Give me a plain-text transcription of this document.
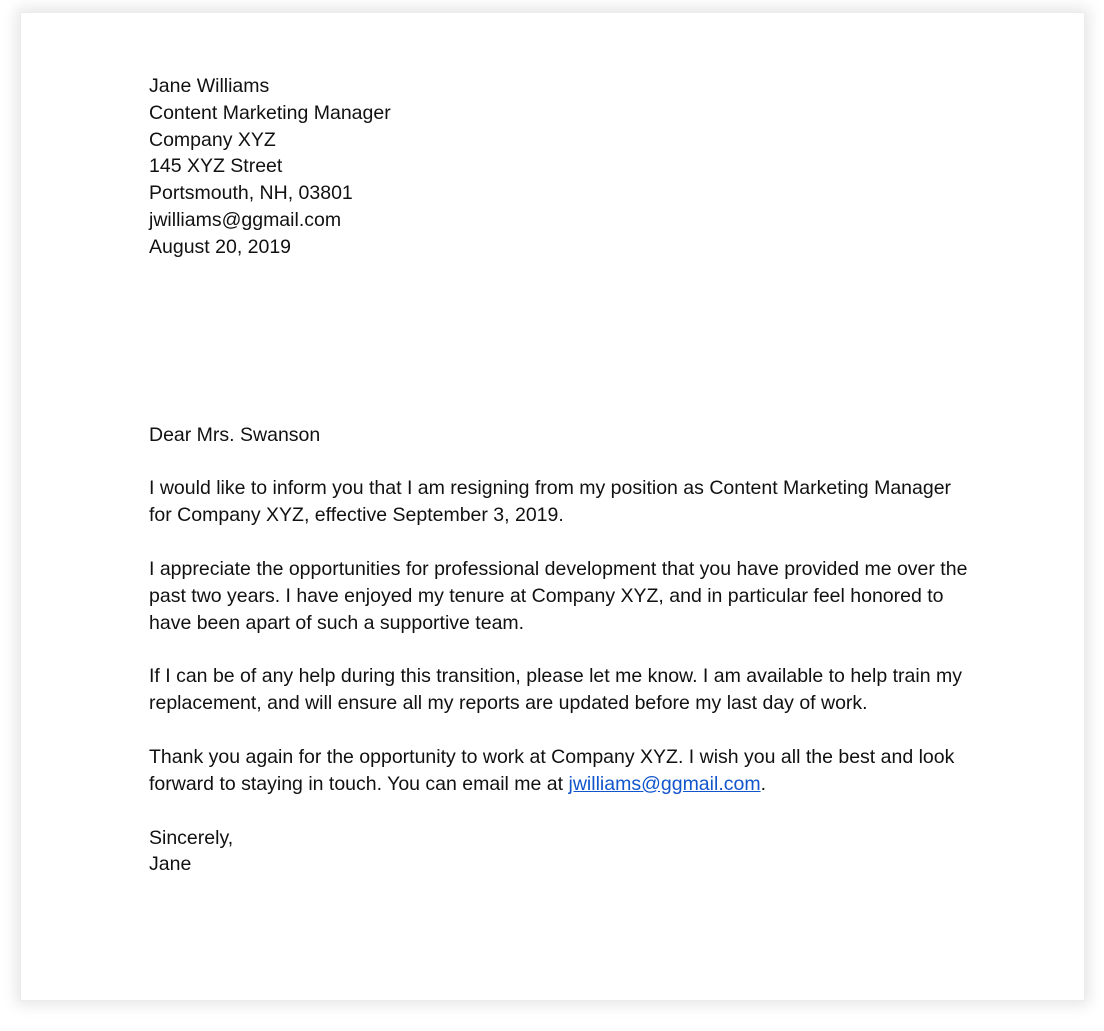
Jane Williams
Content Marketing Manager
Company XYZ
145 XYZ Street
Portsmouth, NH, 03801
jwilliams@ggmail.com
August 20, 2019
Dear Mrs. Swanson
I would like to inform you that I am resigning from my position as Content Marketing Manager for Company XYZ, effective September 3, 2019.
I appreciate the opportunities for professional development that you have provided me over the past two years. I have enjoyed my tenure at Company XYZ, and in particular feel honored to have been apart of such a supportive team.
If I can be of any help during this transition, please let me know. I am available to help train my replacement, and will ensure all my reports are updated before my last day of work.
Thank you again for the opportunity to work at Company XYZ. I wish you all the best and look forward to staying in touch. You can email me at jwilliams@ggmail.com.
Sincerely,
Jane
